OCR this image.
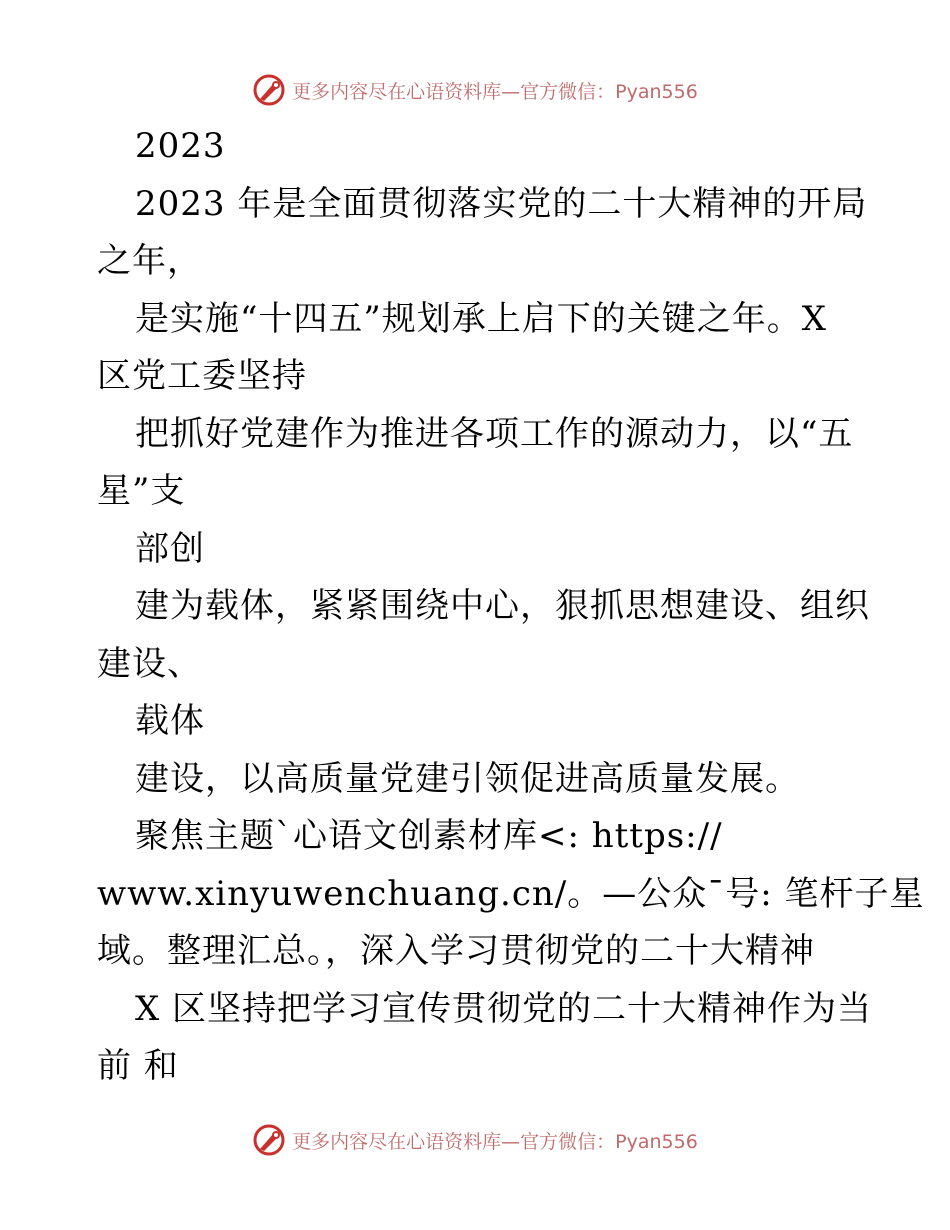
更多内容尽在心语资料库—官方微信：Pyan556
2023
2023 年是全面贯彻落实党的二十大精神的开局
之年，
是实施“十四五”规划承上启下的关键之年。X
区党工委坚持
把抓好党建作为推进各项工作的源动力，以“五
星”支
部创
建为载体，紧紧围绕中心，狠抓思想建设、组织
建设、
载体
建设，以高质量党建引领促进高质量发展。
聚焦主题`心语文创素材库<: https://
www.xinyuwenchuang.cn/。—公众¯号: 笔杆子星
域。整理汇总。，深入学习贯彻党的二十大精神
X 区坚持把学习宣传贯彻党的二十大精神作为当
前 和
更多内容尽在心语资料库—官方微信：Pyan556
